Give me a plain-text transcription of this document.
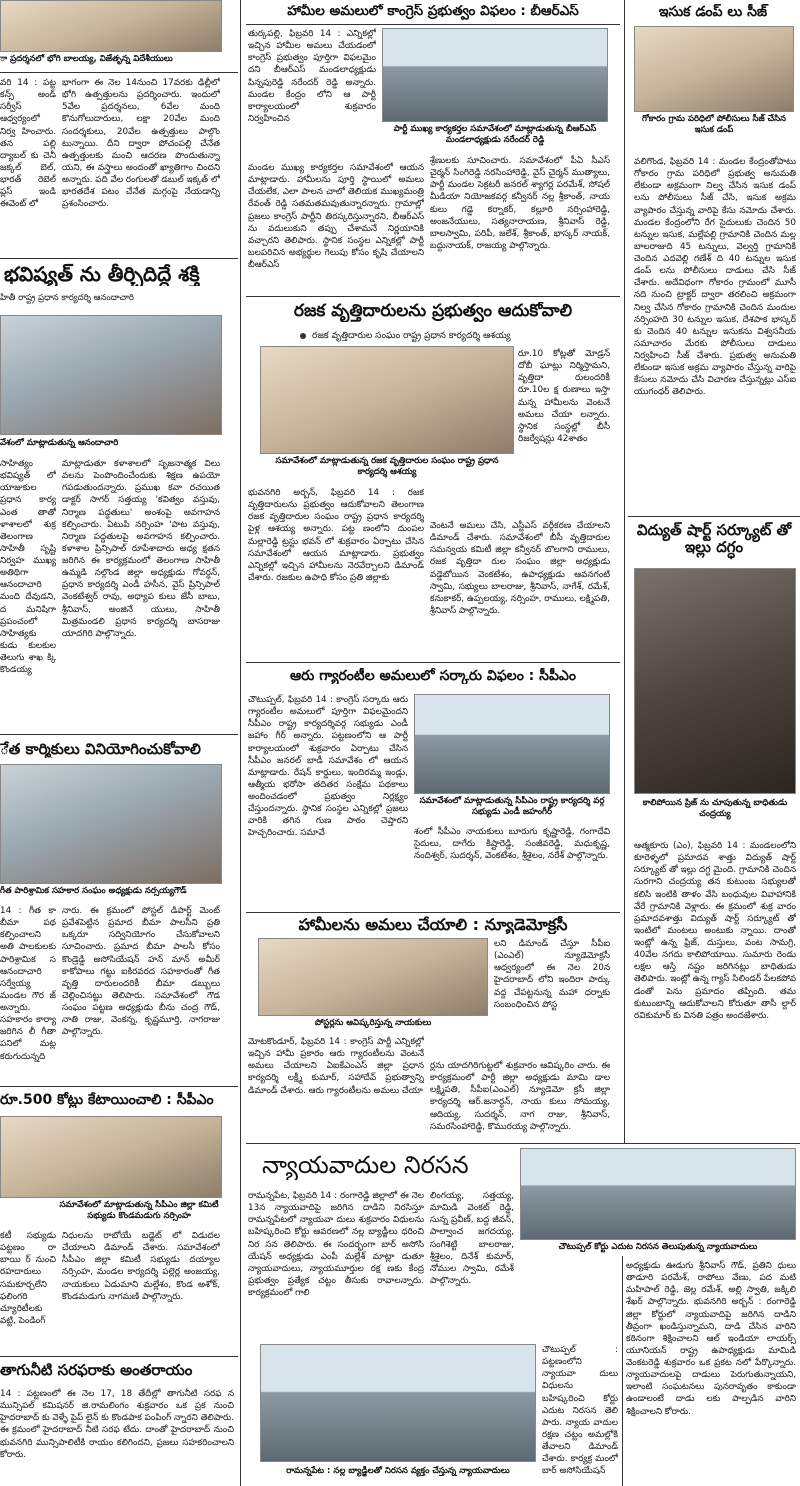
ా ప్రదర్శనలో భోగి బాలయ్య, విజేతృన్న విదేశీయులు
వరి 14 : పట్ట కన్స్ అండ్ సర్వీస్ ఆధ్వర్యంలో నిర్వ హించారు. తన పల్లి ద్యాబల్ కు చెనీ జక్కల్ బెల్, భారత్ రెబెల్ ప్లస్ ఇండి ఈవెంట్ లో
భాగంగా ఈ నెల 14నుంచి 17వరకు ఢిల్లీలో భోగి ఉత్పత్తులను ప్రదర్శించారు. ఇందులో 5వేల ప్రదర్శనలు, 6వేల మంది కొనుగోలుదారులు, లక్షా 20వేల మంది సందర్శకులు, 20వేల ఉత్పత్తులు పాల్గొం టున్నాయి. దీని ద్వారా పోచంపల్లి చేనేత ఉత్పత్తులకు మంచి ఆదరణ పొందుతున్నా యని, ఈ వస్త్రాలు అందంతో ఖ్యాతిగాం చిందని అన్నారు. పది వేల రంగులతో డబుల్ ఇక్కత్ లో భారతదేశ పటం చేనేత మగ్గంపై నేయడాన్ని ప్రశంసించారు.
భవిష్యత్ ను తీర్చిదిద్దే శక్తి
హితీ రాష్ట్ర ప్రధాన కార్యదర్శి ఆనందాచారి
వేశంలో మాట్లాడుతున్న ఆనందాచారి
సాహిత్యం భవిష్యత్ లో యాజుకుల ప్రధాన కార్య ఎంత తాతో ళాశాలలో శుక్ర తెలంగాణ సాహితీ సృష్టి నిర్వహ ముఖ్య అతిథిగా ఆనందాచారి మంది దేవుడని, ద మనిషిగా ప్రపంచంలో సాహిత్యకు కుడు కులకుల తెలుగు శాఖ క్కి కొండయ్య
మాట్లాడుతూ కళాశాలలో సృజనాత్మక విలు వలను పెంపొందించేందుకు శిక్షణ ఉపయో గపడుతుందన్నారు. ప్రముఖ కవా రచయిత డాక్టర్ సాగర్ సత్తయ్య 'కవిత్వం వస్తువు, నిర్మాణ పద్ధతులు' అంశంపై అవగాహన కల్పించారు. ఏటుపి నర్సింహ 'పాట వస్తువు, నిర్మాణ పద్ధతులపై అవగాహన కల్పించారు. కళాశాల ప్రిన్సిపాల్ రూపేశాదారు అధ్య క్షతన జరిగిన ఈ కార్యక్రమంలో తెలంగాణ సాహితీ ఉమ్మడి నల్గొండ జిల్లా అధ్యక్షుడు గోవర్ధన్, ప్రధాన కార్యదర్శి ఎండీ హసీన, వైస్ ప్రిన్సిపాల్ వెంకటేశ్వర్ రావు, అధ్యాప కులు జేసీ బాబు, శ్రీనివాస్, అంజినే యులు, సాహితీ మిత్రమండలి ప్రధాన కార్యదర్శి బాసరాజు యాదగిరి పాల్గొన్నారు.
ేత కార్మికులు వినియోగించుకోవాలి
గీత పారిశ్రామిక సహకార సంఘం అధ్యక్షుడు నర్సయ్యగౌడ్
14 : గీత కా బీమా పథ కల్పించాలని అతి పాలకులకు పారిశ్రామిక స ఆనందాచారి సర్వేయ్య మండల గౌర జ్ అన్నారు. సహకారం కార్యా జరిగిన లీ గీతా పనిలో మట్ల కరుగుదున్నది
నారు. ఈ క్రమంలో పోస్టల్ డిపార్ట్ మెంట్ ప్రవేశపెట్టిన ప్రమాద బీమా పాలసీని ప్రతి ఒక్కరూ సద్వినియోగం చేసుకోవాలని సూచించారు. ప్రమాద బీమా పాలసీ కోసం కొండ్రెడ్డి అసోసియేషన్ హన్ మాన్ అమీర్ కాకోపాలు గట్టు ఐకిరవరద సహకారంతో గీత వృత్తి దారులందరికీ బీమా డబ్బులు చెల్లించినట్టు తెలిపారు. సమావేశంలో గౌడ సంఘం పట్టణ అధ్యక్షుడు బీను చంద్ర గౌడ్, నాతి రాజు, వెంకన్న, కృష్ణమూర్తి, నాగరాజు పాల్గొన్నారు.
రూ.500 కోట్లు కేటాయించాలి : సీపీఎం
సమావేశంలో మాట్లాడుతున్న సీపీఎం జిల్లా కమిటీ సభ్యుడు కొండమడుగు నర్సింహ
కటీ సభ్యుడు పట్టణం రా బాయి ర్ నుంచి రహదారులు సమకూర్చలేని ఫలింగరి చ్యూరిటీలకు వట్టి, పెండింగ్
నిధులను రాబోయే బడ్జెట్ లో విడుదల చేయాలని డిమాండ్ చేశారు. సమావేశంలో సీపీఎం జిల్లా కమిటీ సభ్యుడు దయ్యాల నర్సింహ, మండల కార్యదర్శి పల్లెర్ల అంజయ్య, నాయకులు ఏడుమాని మల్లేశం, కొండ అశోక్, కొండమడుగు నాగమణి పాల్గొన్నారు.
తాగునీటి సరఫరాకు అంతరాయం
14 : పట్టణంలో ఈ నెల 17, 18 తేదీల్లో తాగునీటి సరఫ న మున్సిపల్ కమిషనర్ జి.రామలింగం శుక్రవారం ఒక ప్రక నుంచి హైదరాబాద్ కు వెళ్ళే పైప్ లైన్ కు కొండపాక పంపింగ్ న్నారని తెలిపారు. ఈ క్రమంలో హైదరాబాద్ నీటి సరఫ టేదు. దాంతో హైదరాబాద్ నుంచి భువనగిరి మున్సిపాలిటీకి రాయం కలిగిందని, ప్రజలు సహకరించాలని కోరారు.
హామీల అమలులో కాంగ్రెస్ ప్రభుత్వం విఫలం : బీఆర్ఎస్
తుర్కపల్లి, ఫిబ్రవరి 14 : ఎన్నికల్లో ఇచ్చిన హామీల అమలు చేయడంలో కాంగ్రెస్ ప్రభుత్వం పూర్తిగా విఫలమైం దని బీఆర్ఎస్ మండలాధ్యక్షుడు పిన్నపురెడ్డి నరేందర్ రెడ్డి అన్నారు. మండల కేంద్రం లోని ఆ పార్టీ కార్యాలయంలో శుక్రవారం నిర్వహించిన
పార్టీ ముఖ్య కార్యకర్తల సమావేశంలో మాట్లాడుతున్న బీఆర్ఎస్ మండలాధ్యక్షుడు నరేందర్ రెడ్డి
మండల ముఖ్య కార్యకర్తల సమావేశంలో ఆయన మాట్లాడారు. హామీలను పూర్తి స్థాయిలో అమలు చేయలేక, ఎలా పాలన చాలో తెలియక ముఖ్యమంత్రి రేవంత్ రెడ్డి సతమతమవుతున్నారన్నారు. గ్రామాల్లో ప్రజలు కాంగ్రెస్ పార్టీని తిరస్కరిస్తున్నారని, బీఆర్ఎస్ ను వదులుకుని తప్పు చేశామనే నిర్ణయానికి వచ్చారని తెలిపారు. స్థానిక సంస్థల ఎన్నికల్లో పార్టీ బలపరిచిన అభ్యర్థుల గెలుపు కోసం కృషి చేయాలని బీఆర్ఎస్
శ్రేణులకు సూచించారు. సమావేశంలో పీఏ సీఎస్ చైర్మన్ సింగిరెడ్డి నరసింహారెడ్డి, వైస్ చైర్మన్ ముత్యాలు, పార్టీ మండల సెక్రటరీ జనరల్ శ్యాగర్ల పరమేశ్, సోషల్ మీడియా నియోజకవర్గ కన్వీనర్ నల్ల శ్రీకాంత్, నాయ కులు గడ్డె కర్నాకర్, కల్లూరి నర్సింహారెడ్డి, అంజనేయులు, సత్యనారాయణ, శ్రీనివాస్ రెడ్డి, బాలస్వామి, పరిపీ, జలేశ్, శ్రీకాంత్, భాస్కర్ నాయక్, బద్దునాయక్, రాజయ్య పాల్గొన్నారు.
రజక వృత్తిదారులను ప్రభుత్వం ఆదుకోవాలి
రజక వృత్తిదారుల సంఘం రాష్ట్ర ప్రధాన కార్యదర్శి ఆశయ్య
సమావేశంలో మాట్లాడుతున్న రజక వృత్తిదారుల సంఘం రాష్ట్ర ప్రధాన కార్యదర్శి ఆశయ్య
రూ.10 కోట్లతో మోడ్రన్ దోబీ ఘాట్లు నిర్మిస్తామని, వృత్తిదా రులందరికీ రూ.10ల క్ష రుణాలు ఇస్తా మన్న హామీలను వెంటనే అమలు చేయా లన్నారు. స్థానిక సంస్థల్లో బీసీ రిజర్వేషన్లు 42శాతం
భువనగిరి అర్బన్, ఫిబ్రవరి 14 : రజక వృత్తిదారులను ప్రభుత్వం ఆదుకోవాలని తెలంగాణ రజక వృత్తిదారుల సంఘం రాష్ట్ర ప్రధాన కార్యదర్శి పైళ్ల ఆశయ్య అన్నారు. పట్ట ణంలోని దుంపల మల్లారెడ్డి ట్రస్టు భవన్ లో శుక్రవారం ఏర్పాటు చేసిన సమావేశంలో ఆయన మాట్లాడారు. ప్రభుత్వం ఎన్నికల్లో ఇచ్చిన హామీలను నెరవేర్చాలని డిమాండ్ చేశారు. రజకుల ఉపాధి కోసం ప్రతి జిల్లాకు
వెంటనే అమలు చేసి, ఎస్టీఎస్ వర్గీకరణ చేయాలని డిమాండ్ చేశారు. సమావేశంలో బీసీ వృత్తిదారుల సమన్వయ కమిటీ జిల్లా కన్వీనర్ బొలగాని రాములు, రజక వృత్తిదా రుల సంఘం జిల్లా అధ్యక్షుడు వడ్డెబోయిన వెంకటేశం, ఉపాధ్యక్షుడు ఆవనగంటి స్వామి, సభ్యులు బాలరాజు, శ్రీనివాస్, నాగేశ్, రమేశ్, కనుకాకర్, ఉప్పలయ్య, నర్సింహ, రాములు, లక్ష్మిపతి, శ్రీనివాస్ పాల్గొన్నారు.
ఆరు గ్యారంటీల అమలులో సర్కారు విఫలం : సీపీఎం
చౌటుప్పల్, ఫిబ్రవరి 14 : కాంగ్రెస్ సర్కారు ఆరు గ్యారంటీల అమలులో పూర్తిగా విఫలమైందని సీపీఎం రాష్ట్ర కార్యదర్శివర్గ సభ్యుడు ఎండీ జహాం గీర్ అన్నారు. పట్టణంలోని ఆ పార్టీ కార్యాలయంలో శుక్రవారం ఏర్పాటు చేసిన సీపీఎం జనరల్ బాడీ సమావేశం లో ఆయన మాట్లాడారు. రేషన్ కార్డులు, ఇందిరమ్మ ఇండ్లు, ఆత్మీయ భరోసా తదితర సంక్షేమ పథకాలు అందించడంలో ప్రభుత్వం నిర్లక్ష్యం చేస్తుందన్నారు. స్థానిక సంస్థల ఎన్నికల్లో ప్రజలు వారికి తగిన గుణ పాఠం చెప్తారని హెచ్చరించారు. సమావే
సమావేశంలో మాట్లాడుతున్న సీపీఎం రాష్ట్ర కార్యదర్శి వర్గ సభ్యుడు ఎండీ జహంగీర్
శంలో సీపీఎం నాయకులు బూరుగు కృష్ణారెడ్డి, గంగాదేవి సైదులు, దాగేరు కిష్టారెడ్డి, సంజీవరెడ్డి, మధుకృష్ణ, నందిశ్వర్, సుదర్శన్, వెంకటేశం, శ్రీశైలం, నరేశ్ పాల్గొన్నారు.
హామీలను అమలు చేయాలి : న్యూడెమోక్రసీ
పోస్టర్లను ఆవిష్కరిస్తున్న నాయకులు
లని డిమాండ్ చేస్తూ సీపీఐ (ఎంఎల్) న్యూడెమోక్రసీ ఆధ్వర్యంలో ఈ నెల 20న హైదరాబాద్ లోని ఇందిరా పార్కు వద్ద చేపట్టనున్న మహా ధర్నాకు సంబంధించిన పోస్ట
మోటకొండూర్, ఫిబ్రవరి 14 : కాంగ్రెస్ పార్టీ ఎన్నికల్లో ఇచ్చిన హామీ ప్రకారం ఆరు గ్యారంటీలను వెంటనే అమలు చేయాలని ఏఐకేఎంఎస్ జిల్లా ప్రధాన కార్యదర్శి లక్ష్మీ కుమార్, సహాదేవ్ ప్రభుత్వాన్ని డిమాండ్ చేశారు. ఆరు గ్యారంటీలను అమలు చేయా
ర్లను యాదగిరిగుట్టలో శుక్రవారం ఆవిష్కరిం చారు. ఈ కార్యక్రమంలో పార్టీ జిల్లా అధ్యక్షుడు మామి డాల లక్ష్మిపతి, సీపీఐ(ఎంఎల్) న్యూడెమో క్రసీ జిల్లా కార్యదర్శి ఆర్.జనార్ధన్, నాయ కులు సోమయ్య, ఆదియ్య, సుదర్శన్, నాగ రాజు, శ్రీనివాస్, సమరసింహారెడ్డి, కొమురయ్య పాల్గొన్నారు.
న్యాయవాదుల నిరసన
చౌటుప్పల్ కోర్టు ఎదుట నిరసన తెలుపుతున్న న్యాయవాదులు
రామన్నపేట, ఫిబ్రవరి 14 : రంగారెడ్డి జిల్లాలో ఈ నెల 13న న్యాయవాదిపై జరిగిన దాడిని నిరసిస్తూ రామన్నపేటలో న్యాయవా దులు శుక్రవారం విధులను బహిష్కరించి కోర్టు ఆవరణలో నల్ల బ్యాడ్జీలు ధరించి నిర సన తెలిపారు. ఈ సందర్భంగా బార్ అసోసి యేషన్ అధ్యక్షుడు ఎంపీ మల్లేశ్ మాట్లా డుతూ న్యాయవాదులు, న్యాయమూర్తుల రక్ష ణకు కేంద్ర ప్రభుత్వం ప్రత్యేక చట్టం తీసుకు రావాలన్నారు. కార్యక్రమంలో గాలి
లింగయ్య, సత్తయ్య, మామిడి వెంకట్ రెడ్డి, సున్న ప్రవీణ్, బద్ద జీవన్, పాల్వాంచ జగదయ్య, సంగిశెట్టి బాలరాజు, శ్రీశైలం, దినేశ్ కుమార్, నోముల స్వామి, రమేశ్ పాల్గొన్నారు.
రామన్నపేట : నల్ల బ్యాడ్జీలతో నిరసన వ్యక్తం చేస్తున్న న్యాయవాదులు
చౌటుప్పల్ : పట్టణంలోని న్యాయవా దులు విధులను బహిష్కరించి కోర్టు ఎదుట నిరసన తెలి పారు. న్యాయ వాదుల రక్షణ చట్టం అమల్లోకి తేవాలని డిమాండ్ చేశారు. కార్యక్ర మంలో బార్ అసోసియేషన్
ఇసుక డంప్ లు సీజ్
గోకారం గ్రామ పరిధిలో పోలీసులు సీజ్ చేసిన ఇసుక డంప్
వలిగొండ, ఫిబ్రవరి 14 : మండల కేంద్రంతోపాటు గోకారం గ్రామ పరిధిలో ప్రభుత్వ అనుమతి లేకుండా అక్రమంగా నిల్వ చేసిన ఇసుక డంప్ లను పోలీసులు సీజ్ చేసి, ఇసుక అక్రమ వ్యాపారం చేస్తున్న వారిపై కేసు నమోదు చేశారు. మండల కేంద్రంలోని రేగ సైదులుకు చెందిన 50 టన్నుల ఇసుక, మల్లేపల్లి గ్రామానికి చెందిన మల్ల బాలరాజుది 45 టన్నులు, వెల్వర్తి గ్రామానికి చెందిన ఎదవెల్లి గణేశ్ ది 40 టన్నుల ఇసుక డంప్ లను పోలీసులు దాడులు చేసి సీజ్ చేశారు. అదేవిధంగా గోకారం గ్రామంలో మూసీ నది నుంచి ట్రాక్టర్ ద్వారా తరలించి అక్రమంగా నిల్వ చేసిన గోకారం గ్రామానికి చెందిన మందుల నర్సింహది 30 టన్నుల ఇసుక, దేశపాక భాస్కర్ కు చెందిన 40 టన్నుల ఇసుకను విశ్వసనీయ సమాచారం మేరకు పోలీసులు దాడులు నిర్వహించి సీజ్ చేశారు. ప్రభుత్వ అనుమతి లేకుండా ఇసుక అక్రమ వ్యాపారం చేస్తున్న వారిపై కేసులు నమోదు చేసి విచారణ చేస్తున్నట్లు ఎస్ఐ యుగంధర్ తెలిపారు.
విద్యుత్ షార్ట్ సర్క్యూట్ తో ఇల్లు దగ్ధం
కాలిపోయిన ప్రిజ్ ను చూపుతున్న బాధితుడు చంద్రయ్య
ఆత్మకూరు (ఎం), ఫిబ్రవరి 14 : మండలంలోని కూరెళ్ళలో ప్రమాదవ శాత్తు విద్యుత్ షార్ట్ సర్క్యూట్ తో ఇల్లు దగ్ధ మైంది. గ్రామానికి చెందిన సురగాని చంద్రయ్య తన కుటుంబ సభ్యులతో కలిసి ఇంటికి తాళం వేసి బంధువుల వివాహానికి వేరే గ్రామానికి వెళ్లారు. ఈ క్రమంలో శుక్ర వారం ప్రమాదవశాత్తు విద్యుత్ షార్ట్ సర్క్యూట్ తో ఇంటిలో మంటలు అంటుకు న్నాయి. దాంతో ఇంట్లో ఉన్న ఫ్రిజ్, దుస్తులు, వంట సామగ్రి, 40వేల నగదు కాలిపోయాయి. సుమారు రెండు లక్షల ఆస్తి నష్టం జరిగినట్లు బాధితుడు తెలిపారు. ఇంట్లో ఉన్న గ్యాస్ సిలిండర్ పేలకపోవ డంతో పెను ప్రమాదం తప్పింది. తమ కుటుంబాన్ని ఆదుకోవాలని కోరుతూ తాసీ ల్దార్ రవికుమార్ కు వినతి పత్రం అందజేశారు.
అధ్యక్షుడు ఊడుగు శ్రీనివాస్ గౌడ్, ప్రతిని ధులు తాడూరి పరమేశ్, రాపోలు వేణు, పద మటి మహిపాల్ రెడ్డి, జెల్ల రమేశ్, అల్లి స్వాతి, జక్కిలి శేఖర్ పాల్గొన్నారు. భువనగిరి అర్బన్ : రంగారెడ్డి జిల్లా కోర్టులో న్యాయవాదిపై జరిగిన దాడిని తీవ్రంగా ఖండిస్తున్నామని, దాడి చేసిన వారిని కఠినంగా శిక్షించాలని ఆల్ ఇండియా లాయర్స్ యూనియన్ రాష్ట్ర ఉపాధ్యక్షుడు మామిడి వెంకటరెడ్డి శుక్రవారం ఒక ప్రకట నలో పేర్కొన్నారు. న్యాయవాదులపై దాడులు పెరుగుతున్నాయని, ఇలాంటి సంఘటనలు పునరావృతం కాకుండా ఉండాలంటే దాడు లకు పాల్పడిన వారిని శిక్షించాలని కోరారు.
